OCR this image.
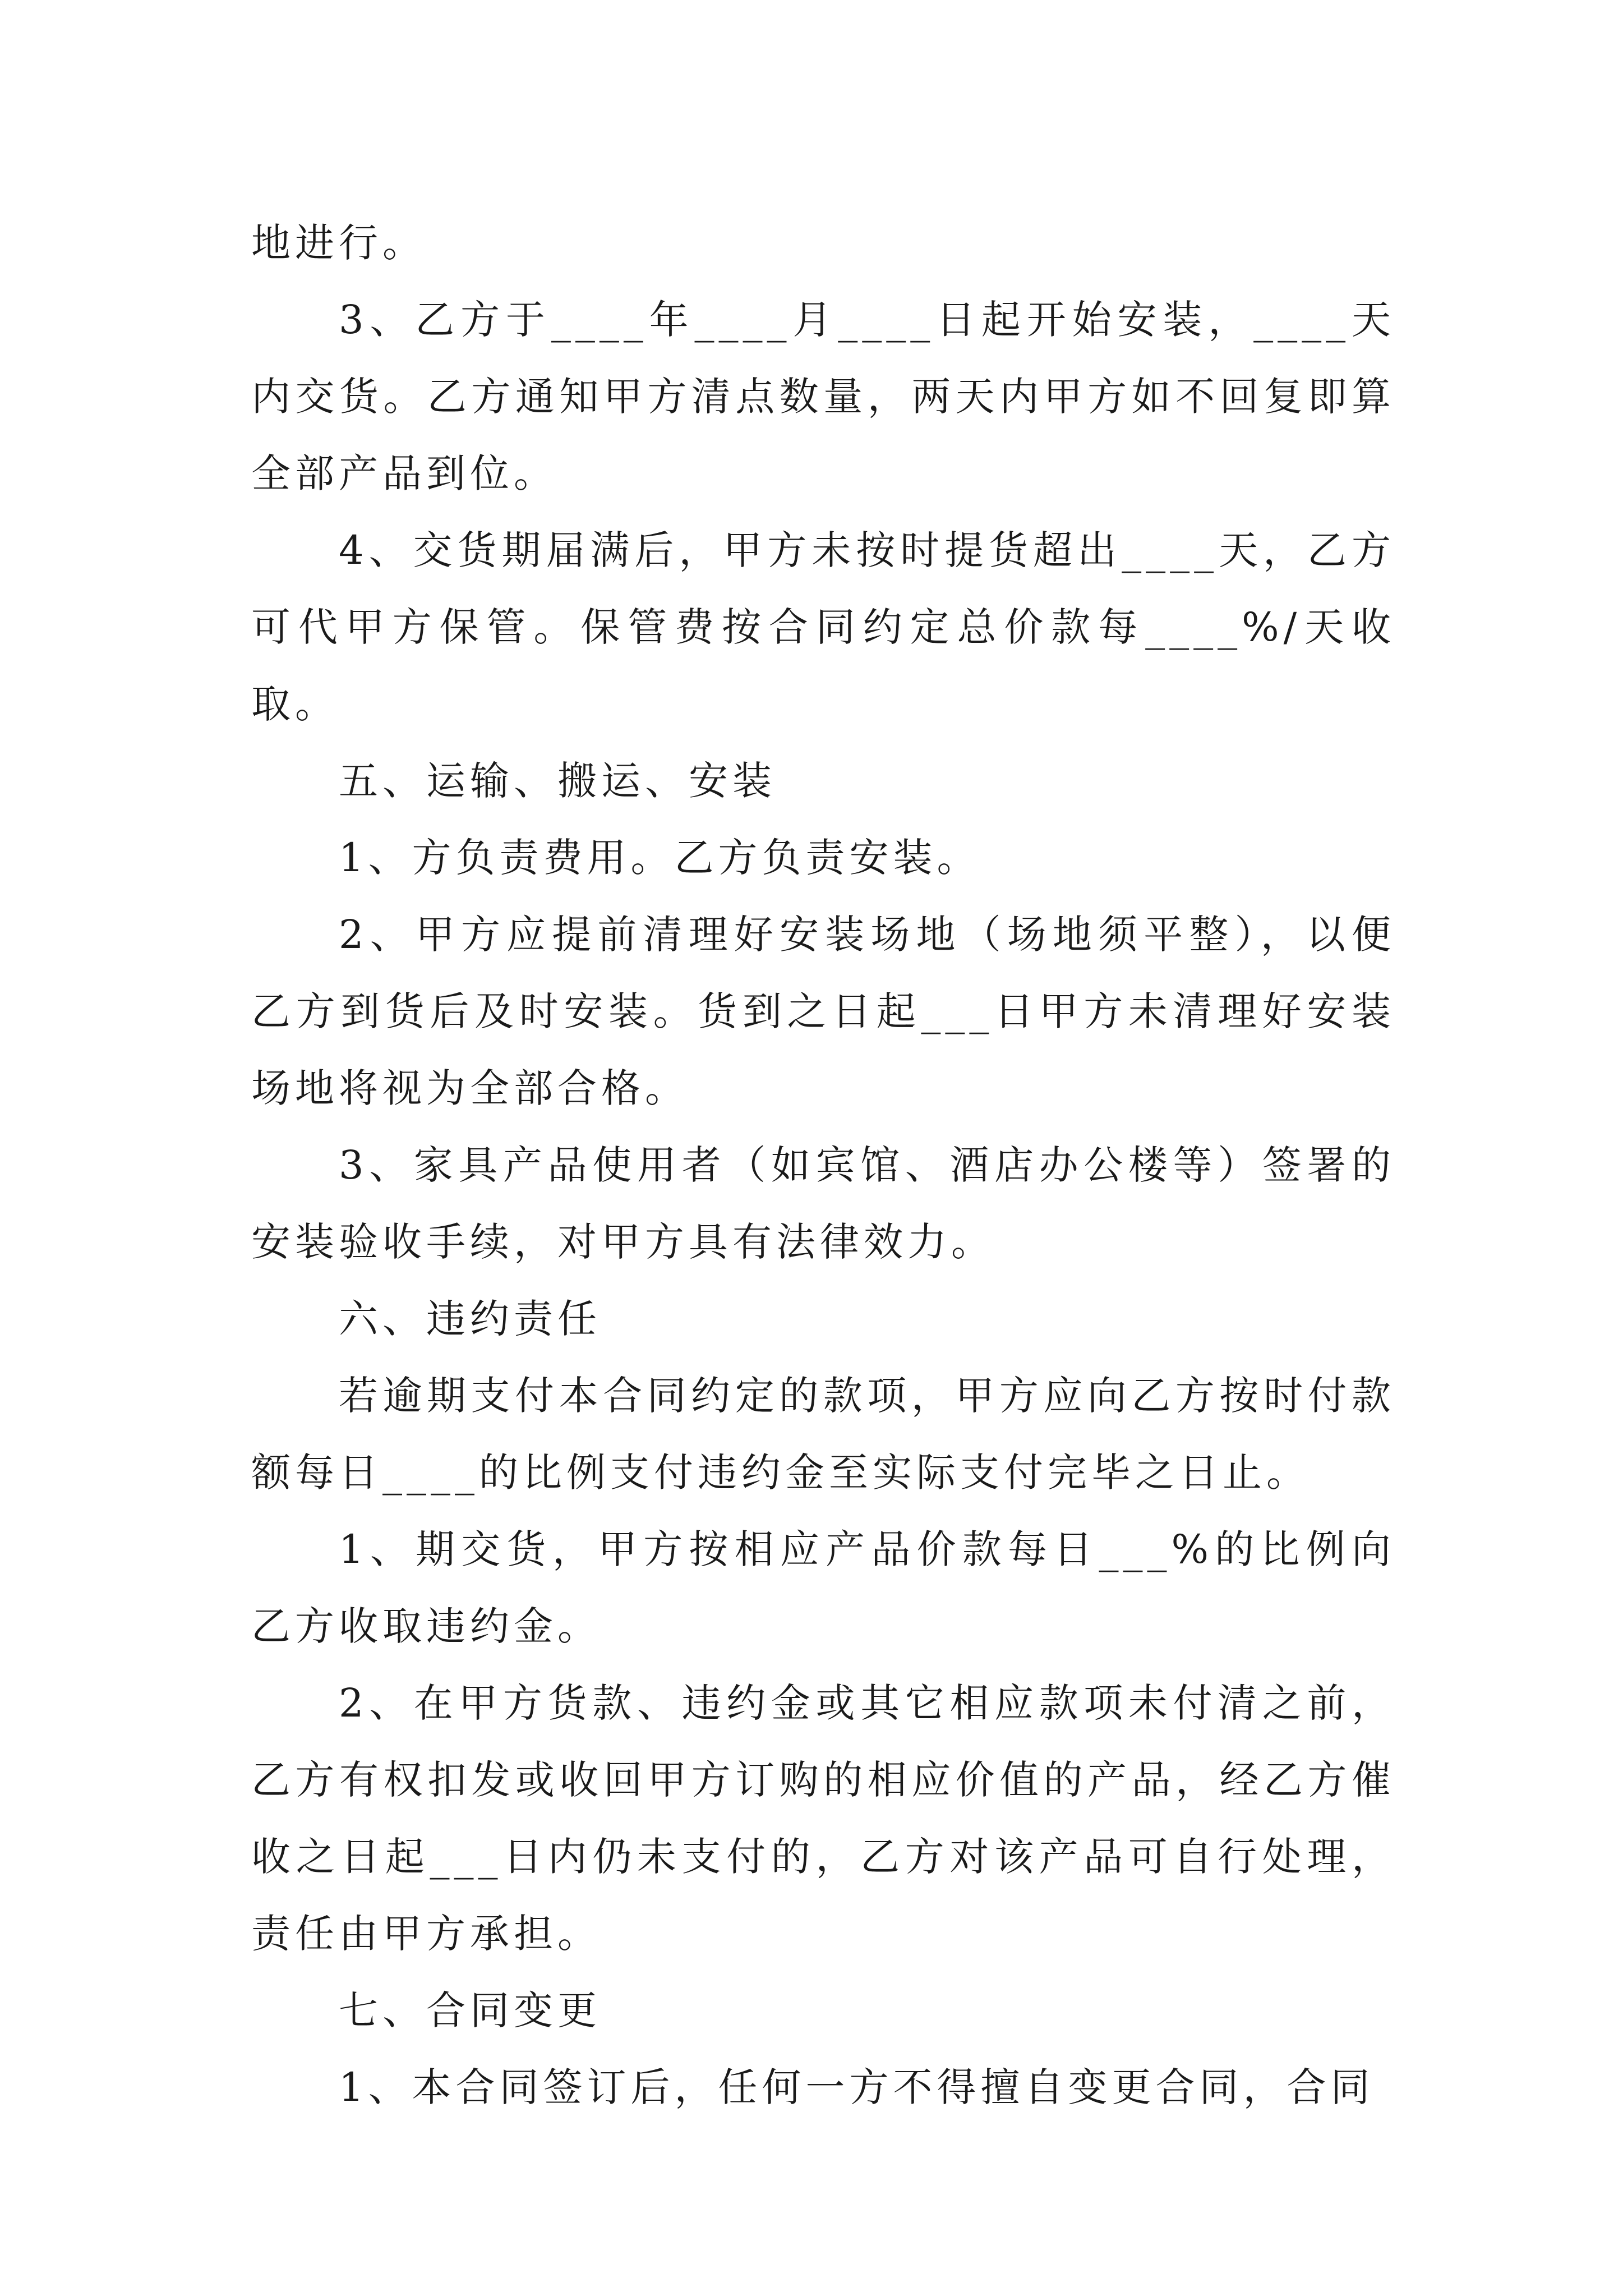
地进行。

3、乙方于____年____月____日起开始安装，____天内交货。乙方通知甲方清点数量，两天内甲方如不回复即算全部产品到位。

4、交货期届满后，甲方未按时提货超出____天，乙方可代甲方保管。保管费按合同约定总价款每____%/天收取。

五、运输、搬运、安装

1、方负责费用。乙方负责安装。

2、甲方应提前清理好安装场地（场地须平整），以便乙方到货后及时安装。货到之日起___日甲方未清理好安装场地将视为全部合格。

3、家具产品使用者（如宾馆、酒店办公楼等）签署的安装验收手续，对甲方具有法律效力。

六、违约责任

若逾期支付本合同约定的款项，甲方应向乙方按时付款额每日____的比例支付违约金至实际支付完毕之日止。

1、期交货，甲方按相应产品价款每日___%的比例向乙方收取违约金。

2、在甲方货款、违约金或其它相应款项未付清之前，乙方有权扣发或收回甲方订购的相应价值的产品，经乙方催收之日起___日内仍未支付的，乙方对该产品可自行处理，责任由甲方承担。

七、合同变更

1、本合同签订后，任何一方不得擅自变更合同，合同
